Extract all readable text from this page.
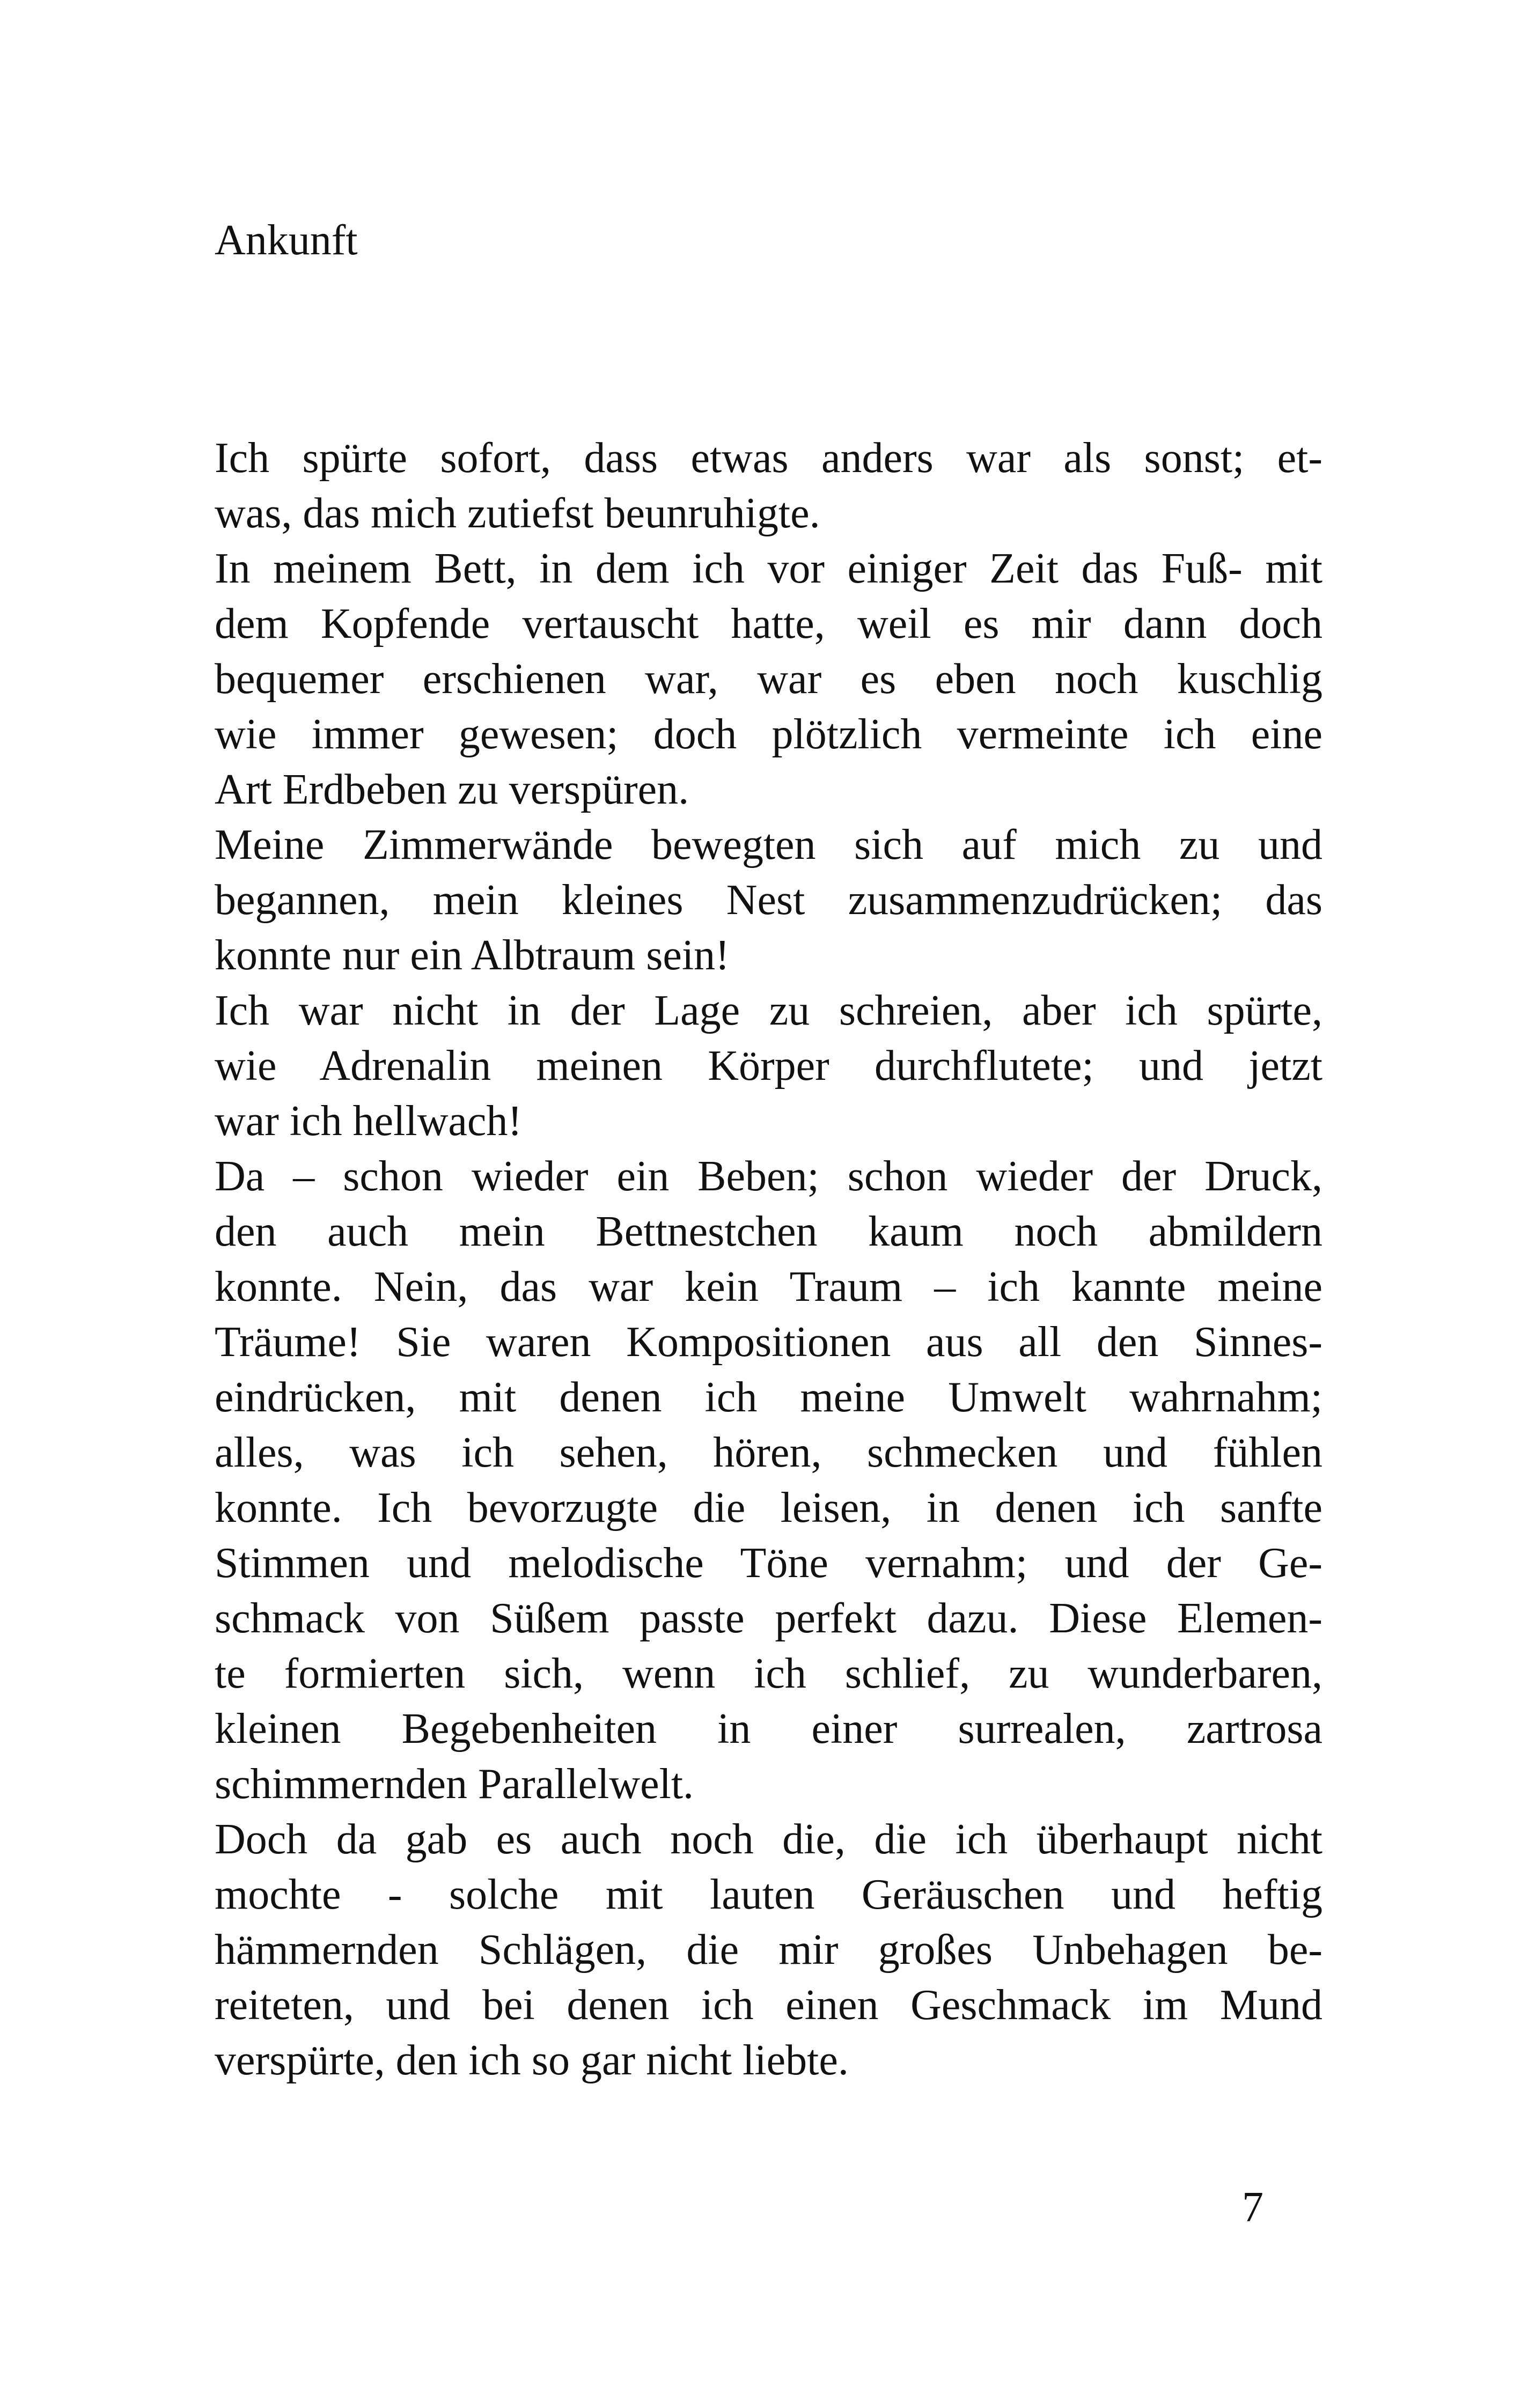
Ankunft
Ich spürte sofort, dass etwas anders war als sonst; et-
was, das mich zutiefst beunruhigte.
In meinem Bett, in dem ich vor einiger Zeit das Fuß- mit
dem Kopfende vertauscht hatte, weil es mir dann doch
bequemer erschienen war, war es eben noch kuschlig
wie immer gewesen; doch plötzlich vermeinte ich eine
Art Erdbeben zu verspüren.
Meine Zimmerwände bewegten sich auf mich zu und
begannen, mein kleines Nest zusammenzudrücken; das
konnte nur ein Albtraum sein!
Ich war nicht in der Lage zu schreien, aber ich spürte,
wie Adrenalin meinen Körper durchflutete; und jetzt
war ich hellwach!
Da – schon wieder ein Beben; schon wieder der Druck,
den auch mein Bettnestchen kaum noch abmildern
konnte. Nein, das war kein Traum – ich kannte meine
Träume! Sie waren Kompositionen aus all den Sinnes-
eindrücken, mit denen ich meine Umwelt wahrnahm;
alles, was ich sehen, hören, schmecken und fühlen
konnte. Ich bevorzugte die leisen, in denen ich sanfte
Stimmen und melodische Töne vernahm; und der Ge-
schmack von Süßem passte perfekt dazu. Diese Elemen-
te formierten sich, wenn ich schlief, zu wunderbaren,
kleinen Begebenheiten in einer surrealen, zartrosa
schimmernden Parallelwelt.
Doch da gab es auch noch die, die ich überhaupt nicht
mochte - solche mit lauten Geräuschen und heftig
hämmernden Schlägen, die mir großes Unbehagen be-
reiteten, und bei denen ich einen Geschmack im Mund
verspürte, den ich so gar nicht liebte.
7
